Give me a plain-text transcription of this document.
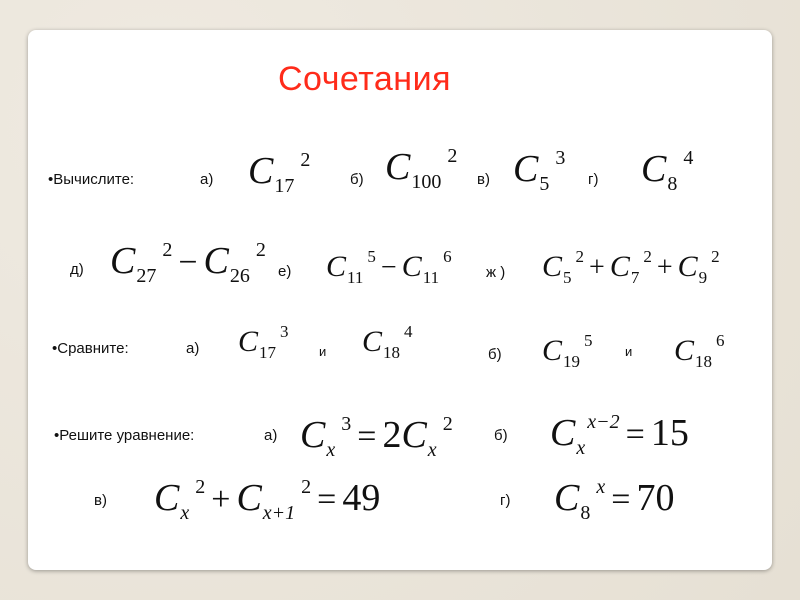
Сочетания
•Вычислите:	а) C172
б) C1002
в) C53
г) C84
д) C272 − C262
е) C115 − C116
ж ) C52 + C72 + C92
•Сравните:	а) C173
и C184
б) C195
и C186
•Решите уравнение:	а) Cx3 = 2Cx2
б) Cxx−2 = 15
в) Cx2 + Cx+12 = 49	г) C8x = 70
